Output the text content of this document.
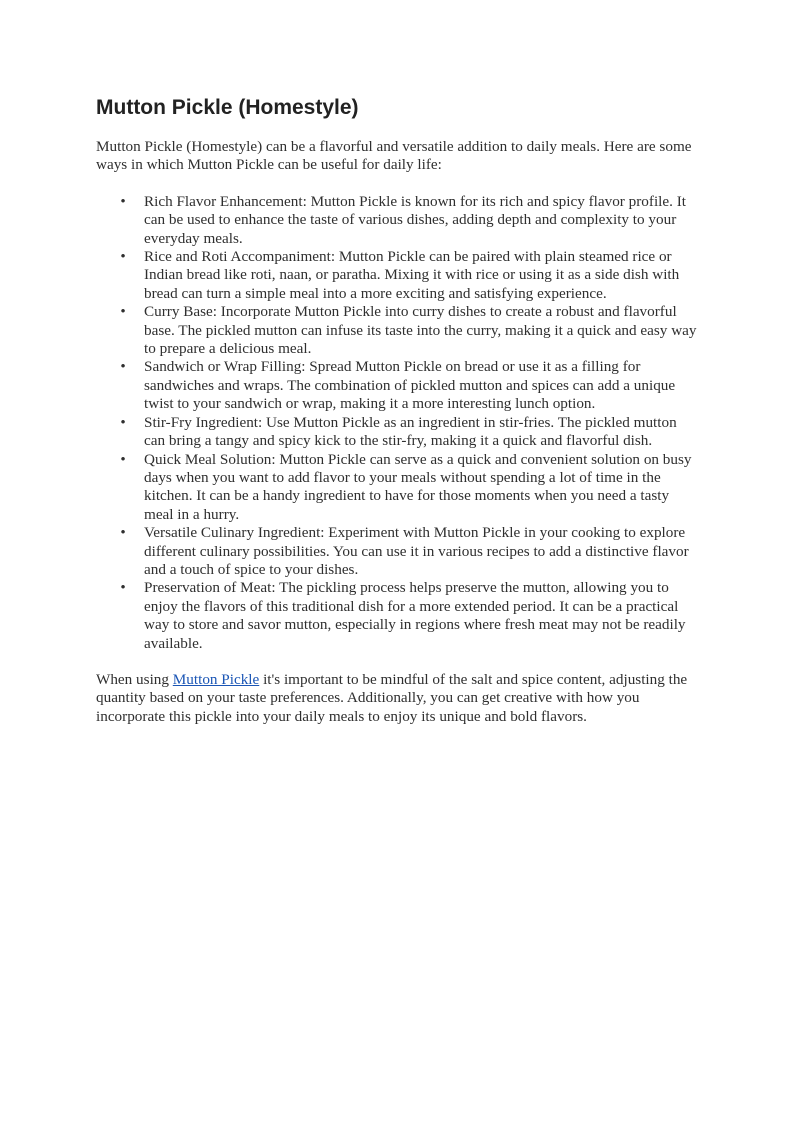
Mutton Pickle (Homestyle)

Mutton Pickle (Homestyle) can be a flavorful and versatile addition to daily meals. Here are some ways in which Mutton Pickle can be useful for daily life:

• Rich Flavor Enhancement: Mutton Pickle is known for its rich and spicy flavor profile. It can be used to enhance the taste of various dishes, adding depth and complexity to your everyday meals.
• Rice and Roti Accompaniment: Mutton Pickle can be paired with plain steamed rice or Indian bread like roti, naan, or paratha. Mixing it with rice or using it as a side dish with bread can turn a simple meal into a more exciting and satisfying experience.
• Curry Base: Incorporate Mutton Pickle into curry dishes to create a robust and flavorful base. The pickled mutton can infuse its taste into the curry, making it a quick and easy way to prepare a delicious meal.
• Sandwich or Wrap Filling: Spread Mutton Pickle on bread or use it as a filling for sandwiches and wraps. The combination of pickled mutton and spices can add a unique twist to your sandwich or wrap, making it a more interesting lunch option.
• Stir-Fry Ingredient: Use Mutton Pickle as an ingredient in stir-fries. The pickled mutton can bring a tangy and spicy kick to the stir-fry, making it a quick and flavorful dish.
• Quick Meal Solution: Mutton Pickle can serve as a quick and convenient solution on busy days when you want to add flavor to your meals without spending a lot of time in the kitchen. It can be a handy ingredient to have for those moments when you need a tasty meal in a hurry.
• Versatile Culinary Ingredient: Experiment with Mutton Pickle in your cooking to explore different culinary possibilities. You can use it in various recipes to add a distinctive flavor and a touch of spice to your dishes.
• Preservation of Meat: The pickling process helps preserve the mutton, allowing you to enjoy the flavors of this traditional dish for a more extended period. It can be a practical way to store and savor mutton, especially in regions where fresh meat may not be readily available.

When using Mutton Pickle it's important to be mindful of the salt and spice content, adjusting the quantity based on your taste preferences. Additionally, you can get creative with how you incorporate this pickle into your daily meals to enjoy its unique and bold flavors.
